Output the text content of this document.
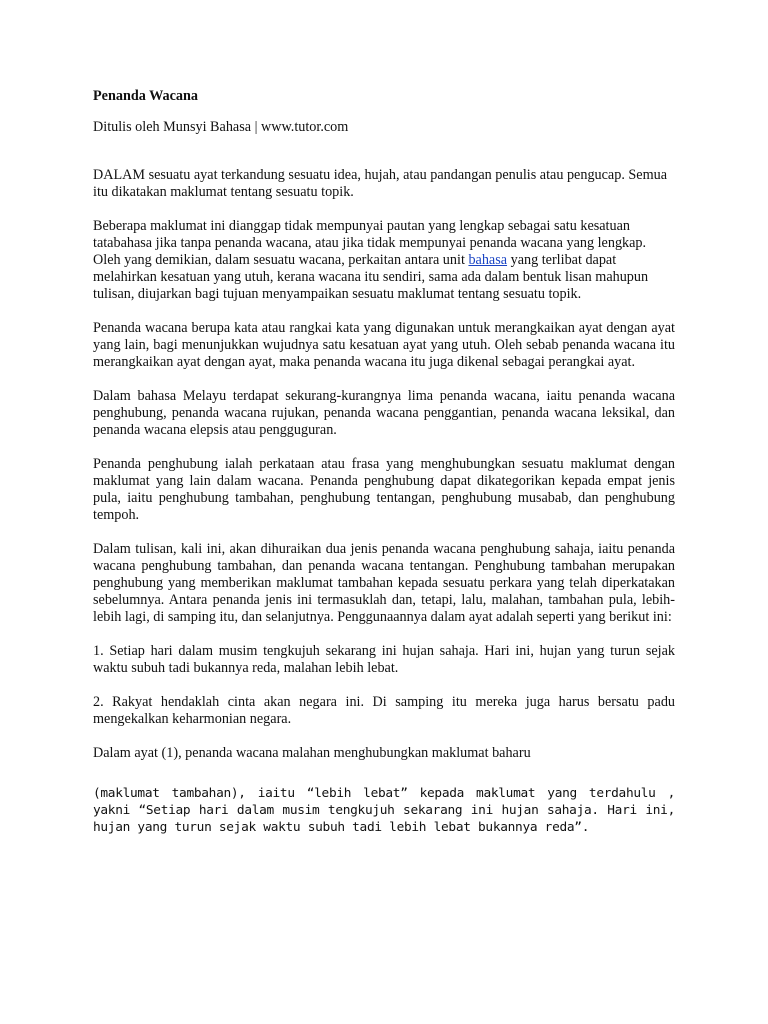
Penanda Wacana
Ditulis oleh Munsyi Bahasa | www.tutor.com

DALAM sesuatu ayat terkandung sesuatu idea, hujah, atau pandangan penulis atau pengucap. Semua itu dikatakan maklumat tentang sesuatu topik.

Beberapa maklumat ini dianggap tidak mempunyai pautan yang lengkap sebagai satu kesatuan tatabahasa jika tanpa penanda wacana, atau jika tidak mempunyai penanda wacana yang lengkap. Oleh yang demikian, dalam sesuatu wacana, perkaitan antara unit bahasa yang terlibat dapat melahirkan kesatuan yang utuh, kerana wacana itu sendiri, sama ada dalam bentuk lisan mahupun tulisan, diujarkan bagi tujuan menyampaikan sesuatu maklumat tentang sesuatu topik.

Penanda wacana berupa kata atau rangkai kata yang digunakan untuk merangkaikan ayat dengan ayat yang lain, bagi menunjukkan wujudnya satu kesatuan ayat yang utuh. Oleh sebab penanda wacana itu merangkaikan ayat dengan ayat, maka penanda wacana itu juga dikenal sebagai perangkai ayat.

Dalam bahasa Melayu terdapat sekurang-kurangnya lima penanda wacana, iaitu penanda wacana penghubung, penanda wacana rujukan, penanda wacana penggantian, penanda wacana leksikal, dan penanda wacana elepsis atau pengguguran.

Penanda penghubung ialah perkataan atau frasa yang menghubungkan sesuatu maklumat dengan maklumat yang lain dalam wacana. Penanda penghubung dapat dikategorikan kepada empat jenis pula, iaitu penghubung tambahan, penghubung tentangan, penghubung musabab, dan penghubung tempoh.

Dalam tulisan, kali ini, akan dihuraikan dua jenis penanda wacana penghubung sahaja, iaitu penanda wacana penghubung tambahan, dan penanda wacana tentangan. Penghubung tambahan merupakan penghubung yang memberikan maklumat tambahan kepada sesuatu perkara yang telah diperkatakan sebelumnya. Antara penanda jenis ini termasuklah dan, tetapi, lalu, malahan, tambahan pula, lebih-lebih lagi, di samping itu, dan selanjutnya. Penggunaannya dalam ayat adalah seperti yang berikut ini:

1. Setiap hari dalam musim tengkujuh sekarang ini hujan sahaja. Hari ini, hujan yang turun sejak waktu subuh tadi bukannya reda, malahan lebih lebat.

2. Rakyat hendaklah cinta akan negara ini. Di samping itu mereka juga harus bersatu padu mengekalkan keharmonian negara.

Dalam ayat (1), penanda wacana malahan menghubungkan maklumat baharu

(maklumat tambahan), iaitu “lebih lebat” kepada maklumat yang terdahulu , yakni “Setiap hari dalam musim tengkujuh sekarang ini hujan sahaja. Hari ini, hujan yang turun sejak waktu subuh tadi lebih lebat bukannya reda”.
